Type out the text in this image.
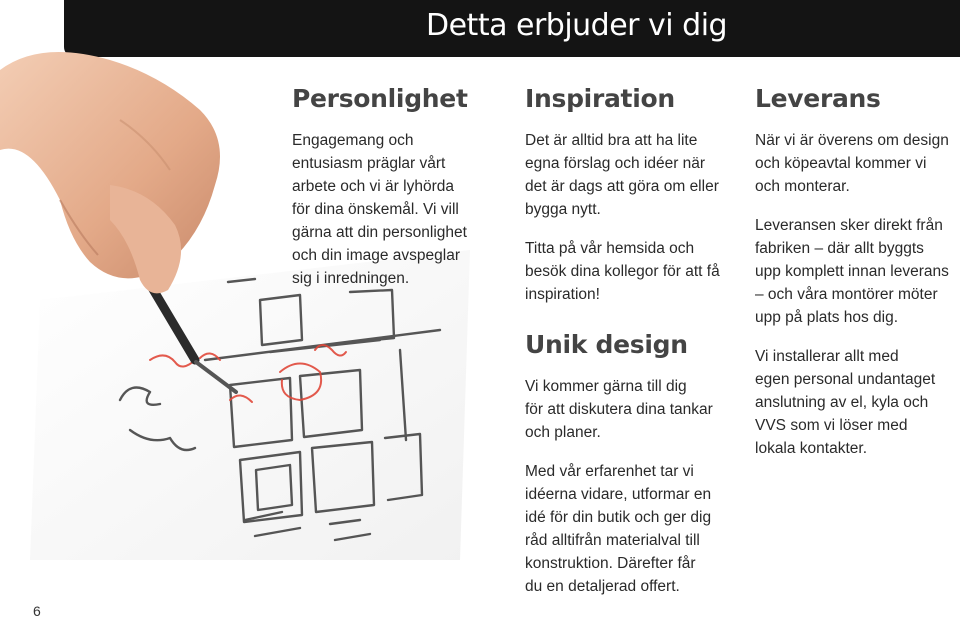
Detta erbjuder vi dig
Personlighet

Engagemang och
entusiasm präglar vårt
arbete och vi är lyhörda
för dina önskemål. Vi vill
gärna att din personlighet
och din image avspeglar
sig i inredningen.

Inspiration

Det är alltid bra att ha lite
egna förslag och idéer när
det är dags att göra om eller
bygga nytt.

Titta på vår hemsida och
besök dina kollegor för att få
inspiration!

Unik design

Vi kommer gärna till dig
för att diskutera dina tankar
och planer.

Med vår erfarenhet tar vi
idéerna vidare, utformar en
idé för din butik och ger dig
råd alltifrån materialval till
konstruktion. Därefter får
du en detaljerad offert.

Leverans

När vi är överens om design
och köpeavtal kommer vi
och monterar.

Leveransen sker direkt från
fabriken – där allt byggts
upp komplett innan leverans
– och våra montörer möter
upp på plats hos dig.

Vi installerar allt med
egen personal undantaget
anslutning av el, kyla och
VVS som vi löser med
lokala kontakter.

6
